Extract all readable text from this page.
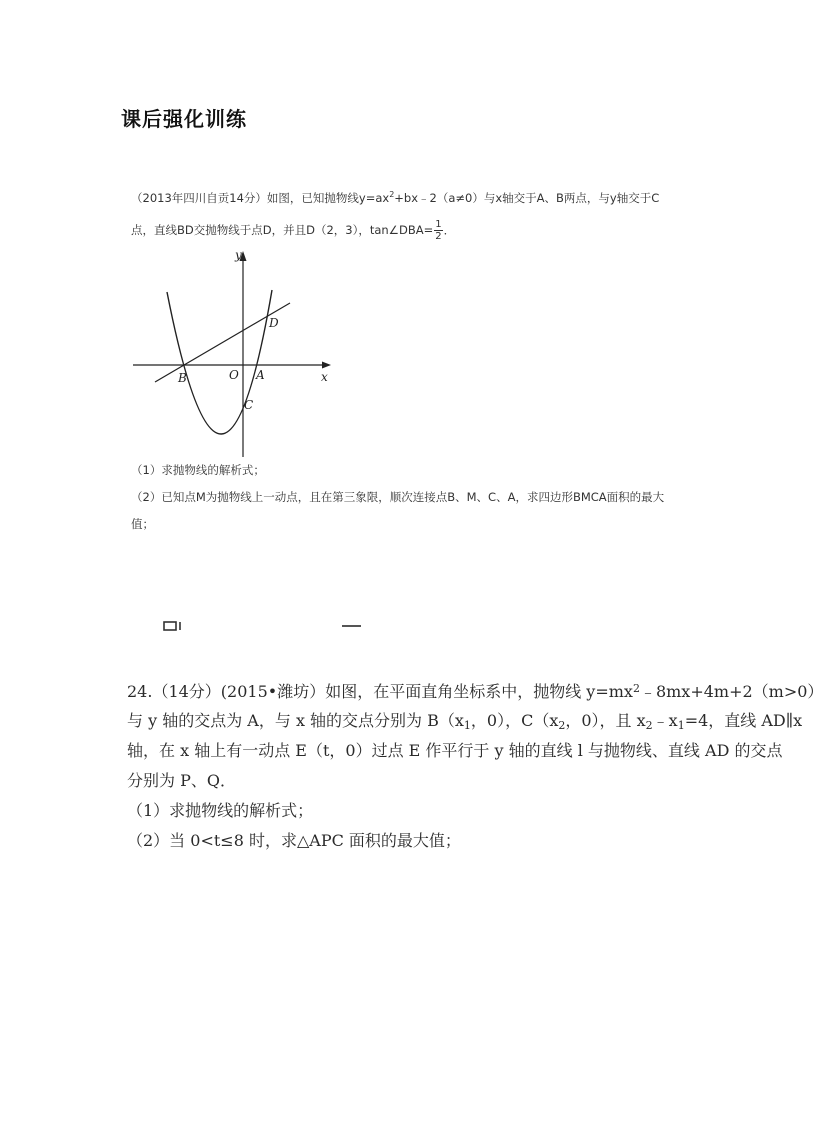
课后强化训练
（2013年四川自贡14分）如图，已知抛物线$y=ax^2+bx﹣2(a\ne 0)$与x轴交于A、B两点，与y轴交于C
点，直线BD交抛物线于点D，并且D（2，3），tan∠DBA= $\frac{1}{2}$ ．
y
x
O A
B
C
D
（1）求抛物线的解析式；
（2）已知点M为抛物线上一动点，且在第三象限，顺次连接点B、M、C、A，求四边形BMCA面积的最大
值；
24.（14分）(2015•潍坊）如图，在平面直角坐标系中，抛物线 $y=mx^2﹣8mx+4m+2(m>0)$
与 y 轴的交点为 A，与 x 轴的交点分别为 $B(x_1$，0），$C(x_2$，0），且 $x_2﹣x_1=4$，直线 AD∥x
轴，在 x 轴上有一动点 E（t，0）过点 E 作平行于 y 轴的直线 l 与抛物线、直线 AD 的交点
分别为 P、Q．
（1）求抛物线的解析式；
（2）当 0<t≤8 时，求△APC 面积的最大值；
